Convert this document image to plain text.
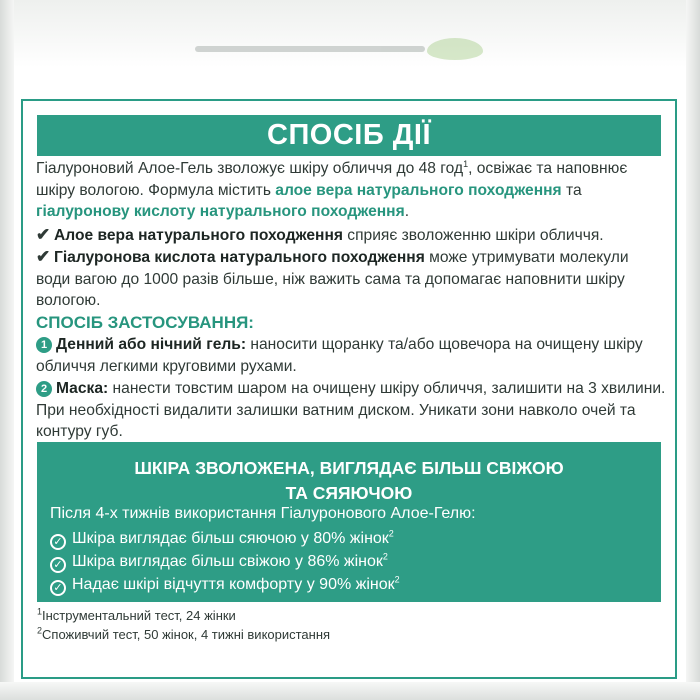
СПОСІБ ДІЇ
Гіалуроновий Алое-Гель зволожує шкіру обличчя до 48 год$^1$, освіжає та наповнює шкіру вологою. Формула містить алое вера натурального походження та гіалуронову кислоту натурального походження.
✔ Алое вера натурального походження сприяє зволоженню шкіри обличчя.
✔ Гіалуронова кислота натурального походження може утримувати молекули води вагою до 1000 разів більше, ніж важить сама та допомагає наповнити шкіру вологою.
СПОСІБ ЗАСТОСУВАННЯ:
1 Денний або нічний гель: наносити щоранку та/або щовечора на очищену шкіру обличчя легкими круговими рухами.
2 Маска: нанести товстим шаром на очищену шкіру обличчя, залишити на 3 хвилини. При необхідності видалити залишки ватним диском. Уникати зони навколо очей та контуру губ.
ШКІРА ЗВОЛОЖЕНА, ВИГЛЯДАЄ БІЛЬШ СВІЖОЮ
ТА СЯЯЮЧОЮ
Після 4-х тижнів використання Гіалуронового Алое-Гелю:
✓ Шкіра виглядає більш сяючою у 80% жінок$^2$
✓ Шкіра виглядає більш свіжою у 86% жінок$^2$
✓ Надає шкірі відчуття комфорту у 90% жінок$^2$
$^1$Інструментальний тест, 24 жінки
$^2$Споживчий тест, 50 жінок, 4 тижні використання
